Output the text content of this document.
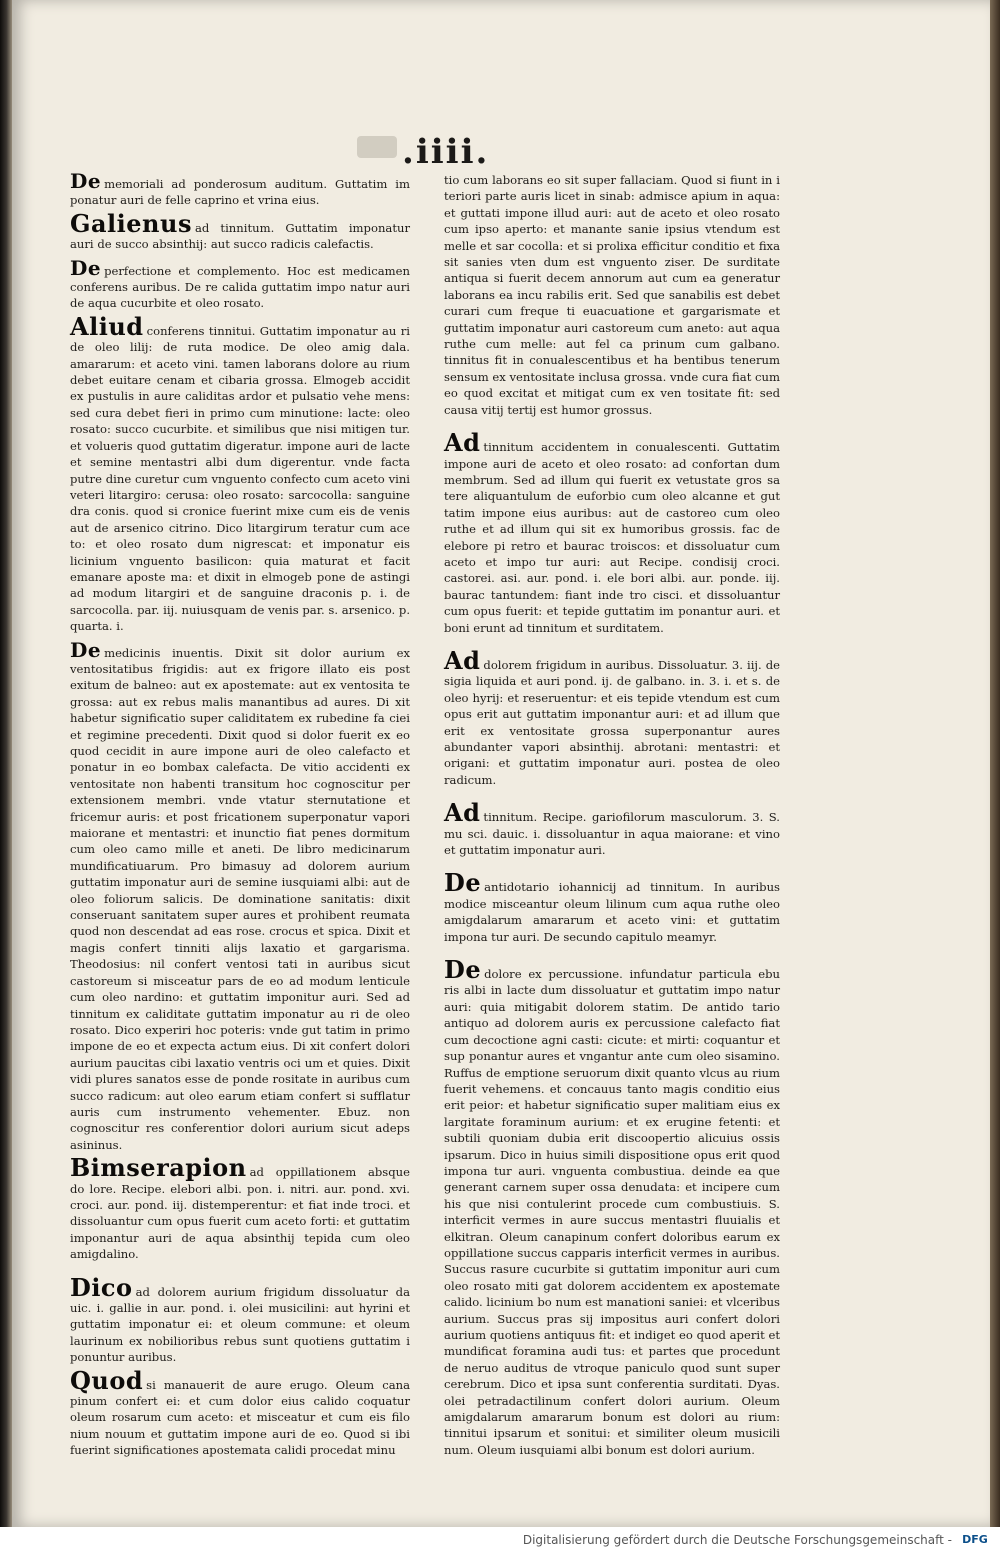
.iiii.

De memoriali ad ponderosum auditum. Guttatim im ponatur auri de felle caprino et vrina eius.

Galienus ad tinnitum. Guttatim imponatur auri de succo absinthij: aut succo radicis calefactis.

De perfectione et complemento. Hoc est medicamen conferens auribus. De re calida guttatim impo natur auri de aqua cucurbite et oleo rosato.

Aliud conferens tinnitui. Guttatim imponatur au ri de oleo lilij: de ruta modice. De oleo amig dala. amararum: et aceto vini. tamen laborans dolore au rium debet euitare cenam et cibaria grossa. Elmogeb accidit ex pustulis in aure caliditas ardor et pulsatio vehe mens: sed cura debet fieri in primo cum minutione: lacte: oleo rosato: succo cucurbite. et similibus que nisi mitigen tur. et volueris quod guttatim digeratur. impone auri de lacte et semine mentastri albi dum digerentur. vnde facta putre dine curetur cum vnguento confecto cum aceto vini veteri litargiro: cerusa: oleo rosato: sarcocolla: sanguine dra conis. quod si cronice fuerint mixe cum eis de venis aut de arsenico citrino. Dico litargirum teratur cum ace to: et oleo rosato dum nigrescat: et imponatur eis licinium vnguento basilicon: quia maturat et facit emanare aposte ma: et dixit in elmogeb pone de astingi ad modum litargiri et de sanguine draconis p. i. de sarcocolla. par. iij. nuiusquam de venis par. s. arsenico. p. quarta. i.

De medicinis inuentis. Dixit sit dolor aurium ex ventositatibus frigidis: aut ex frigore illato eis post exitum de balneo: aut ex apostemate: aut ex ventosita te grossa: aut ex rebus malis manantibus ad aures. Di xit habetur significatio super caliditatem ex rubedine fa ciei et regimine precedenti. Dixit quod si dolor fuerit ex eo quod cecidit in aure impone auri de oleo calefacto et ponatur in eo bombax calefacta. De vitio accidenti ex ventositate non habenti transitum hoc cognoscitur per extensionem membri. vnde vtatur sternutatione et fricemur auris: et post fricationem superponatur vapori maiorane et mentastri: et inunctio fiat penes dormitum cum oleo camo mille et aneti. De libro medicinarum mundificatiuarum. Pro bimasuy ad dolorem aurium guttatim imponatur auri de semine iusquiami albi: aut de oleo foliorum salicis. De dominatione sanitatis: dixit conseruant sanitatem super aures et prohibent reumata quod non descendat ad eas rose. crocus et spica. Dixit et magis confert tinniti alijs laxatio et gargarisma. Theodosius: nil confert ventosi tati in auribus sicut castoreum si misceatur pars de eo ad modum lenticule cum oleo nardino: et guttatim imponitur auri. Sed ad tinnitum ex caliditate guttatim imponatur au ri de oleo rosato. Dico experiri hoc poteris: vnde gut tatim in primo impone de eo et expecta actum eius. Di xit confert dolori aurium paucitas cibi laxatio ventris oci um et quies. Dixit vidi plures sanatos esse de ponde rositate in auribus cum succo radicum: aut oleo earum etiam confert si sufflatur auris cum instrumento vehementer. Ebuz. non cognoscitur res conferentior dolori aurium sicut adeps asininus.

Bimserapion ad oppillationem absque do lore. Recipe. elebori albi. pon. i. nitri. aur. pond. xvi. croci. aur. pond. iij. distemperentur: et fiat inde troci. et dissoluantur cum opus fuerit cum aceto forti: et guttatim imponantur auri de aqua absinthij tepida cum oleo amigdalino.

Dico ad dolorem aurium frigidum dissoluatur da uic. i. gallie in aur. pond. i. olei musicilini: aut hyrini et guttatim imponatur ei: et oleum commune: et oleum laurinum ex nobilioribus rebus sunt quotiens guttatim i ponuntur auribus.

Quod si manauerit de aure erugo. Oleum cana pinum confert ei: et cum dolor eius calido coquatur oleum rosarum cum aceto: et misceatur et cum eis filo nium nouum et guttatim impone auri de eo. Quod si ibi fuerint significationes apostemata calidi procedat minu

tio cum laborans eo sit super fallaciam. Quod si fiunt in i teriori parte auris licet in sinab: admisce apium in aqua: et guttati impone illud auri: aut de aceto et oleo rosato cum ipso aperto: et manante sanie ipsius vtendum est melle et sar cocolla: et si prolixa efficitur conditio et fixa sit sanies vten dum est vnguento ziser. De surditate antiqua si fuerit decem annorum aut cum ea generatur laborans ea incu rabilis erit. Sed que sanabilis est debet curari cum freque ti euacuatione et gargarismate et guttatim imponatur auri castoreum cum aneto: aut aqua ruthe cum melle: aut fel ca prinum cum galbano. tinnitus fit in conualescentibus et ha bentibus tenerum sensum ex ventositate inclusa grossa. vnde cura fiat cum eo quod excitat et mitigat cum ex ven tositate fit: sed causa vitij tertij est humor grossus.

Ad tinnitum accidentem in conualescenti. Guttatim impone auri de aceto et oleo rosato: ad confortan dum membrum. Sed ad illum qui fuerit ex vetustate gros sa tere aliquantulum de euforbio cum oleo alcanne et gut tatim impone eius auribus: aut de castoreo cum oleo ruthe et ad illum qui sit ex humoribus grossis. fac de elebore pi retro et baurac troiscos: et dissoluatur cum aceto et impo tur auri: aut Recipe. condisij croci. castorei. asi. aur. pond. i. ele bori albi. aur. ponde. iij. baurac tantundem: fiant inde tro cisci. et dissoluantur cum opus fuerit: et tepide guttatim im ponantur auri. et boni erunt ad tinnitum et surditatem.

Ad dolorem frigidum in auribus. Dissoluatur. 3. iij. de sigia liquida et auri pond. ij. de galbano. in. 3. i. et s. de oleo hyrij: et reseruentur: et eis tepide vtendum est cum opus erit aut guttatim imponantur auri: et ad illum que erit ex ventositate grossa superponantur aures abundanter vapori absinthij. abrotani: mentastri: et origani: et guttatim imponatur auri. postea de oleo radicum.

Ad tinnitum. Recipe. gariofilorum masculorum. 3. S. mu sci. dauic. i. dissoluantur in aqua maiorane: et vino et guttatim imponatur auri.

De antidotario iohannicij ad tinnitum. In auribus modice misceantur oleum lilinum cum aqua ruthe oleo amigdalarum amararum et aceto vini: et guttatim impona tur auri. De secundo capitulo meamyr.

De dolore ex percussione. infundatur particula ebu ris albi in lacte dum dissoluatur et guttatim impo natur auri: quia mitigabit dolorem statim. De antido tario antiquo ad dolorem auris ex percussione calefacto fiat cum decoctione agni casti: cicute: et mirti: coquantur et sup ponantur aures et vngantur ante cum oleo sisamino. Ruffus de emptione seruorum dixit quanto vlcus au rium fuerit vehemens. et concauus tanto magis conditio eius erit peior: et habetur significatio super malitiam eius ex largitate foraminum aurium: et ex erugine fetenti: et subtili quoniam dubia erit discoopertio alicuius ossis ipsarum. Dico in huius simili dispositione opus erit quod impona tur auri. vnguenta combustiua. deinde ea que generant carnem super ossa denudata: et incipere cum his que nisi contulerint procede cum combustiuis. S. interficit vermes in aure succus mentastri fluuialis et elkitran. Oleum canapinum confert doloribus earum ex oppillatione succus capparis interficit vermes in auribus. Succus rasure cucurbite si guttatim imponitur auri cum oleo rosato miti gat dolorem accidentem ex apostemate calido. licinium bo num est manationi saniei: et vlceribus aurium. Succus pras sij impositus auri confert dolori aurium quotiens antiquus fit: et indiget eo quod aperit et mundificat foramina audi tus: et partes que procedunt de neruo auditus de vtroque paniculo quod sunt super cerebrum. Dico et ipsa sunt conferentia surditati. Dyas. olei petradactilinum confert dolori aurium. Oleum amigdalarum amararum bonum est dolori au rium: tinnitui ipsarum et sonitui: et similiter oleum musicili num. Oleum iusquiami albi bonum est dolori aurium.

Digitalisierung gefördert durch die Deutsche Forschungsgemeinschaft - DFG
